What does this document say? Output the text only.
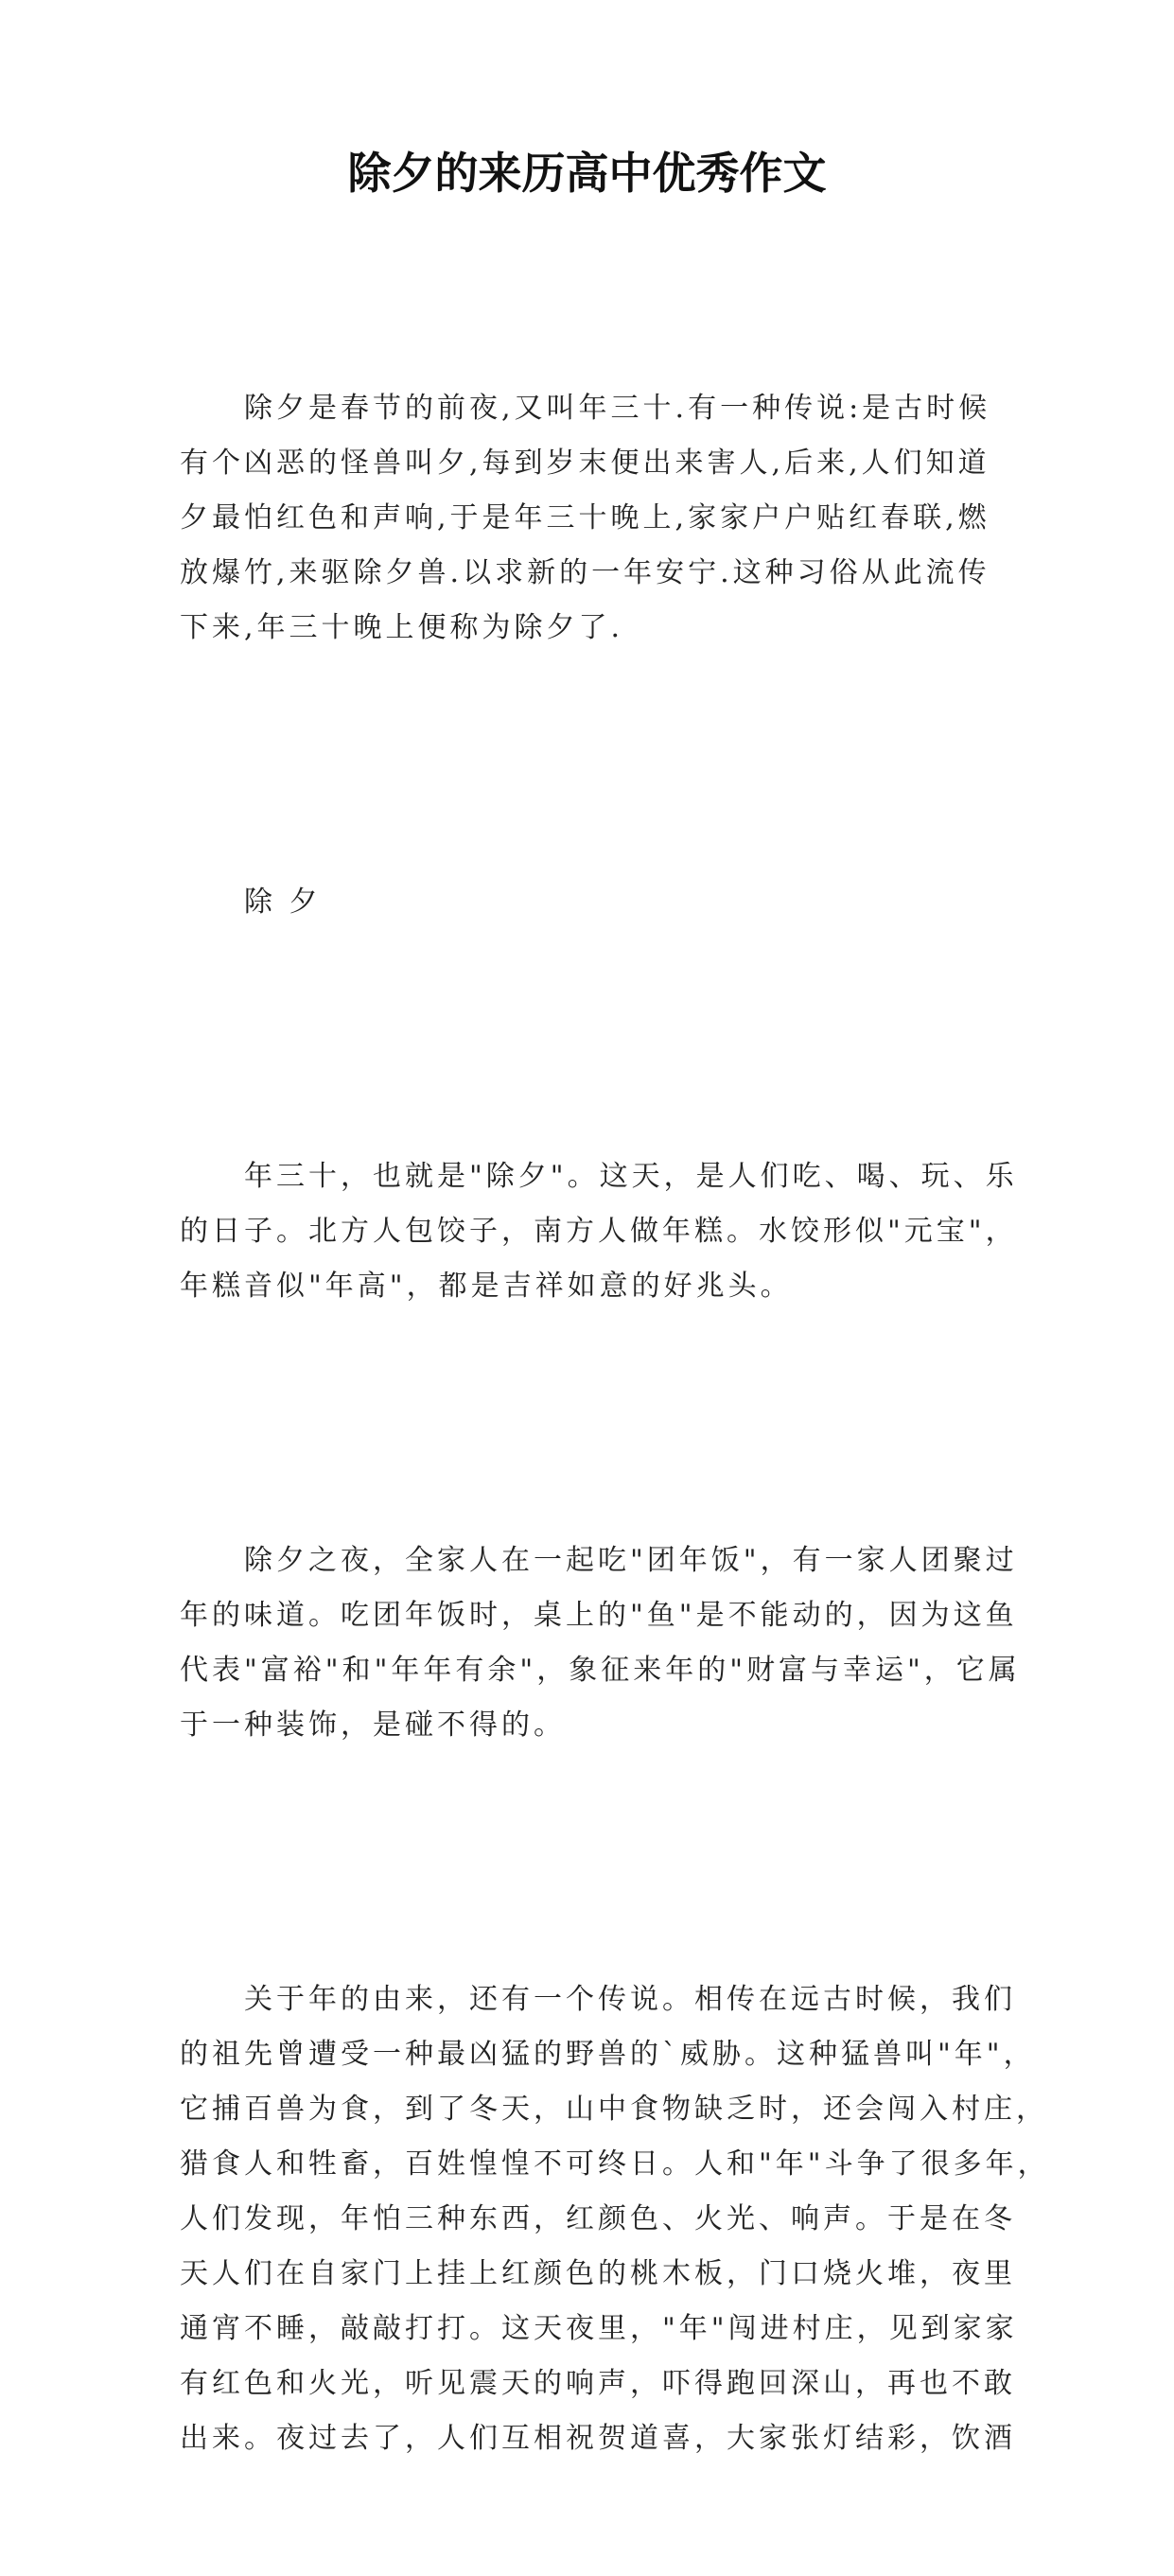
除夕的来历高中优秀作文

除夕是春节的前夜,又叫年三十.有一种传说:是古时候
有个凶恶的怪兽叫夕,每到岁末便出来害人,后来,人们知道
夕最怕红色和声响,于是年三十晚上,家家户户贴红春联,燃
放爆竹,来驱除夕兽.以求新的一年安宁.这种习俗从此流传
下来,年三十晚上便称为除夕了.

除 夕

年三十，也就是"除夕"。这天，是人们吃、喝、玩、乐
的日子。北方人包饺子，南方人做年糕。水饺形似"元宝"，
年糕音似"年高"，都是吉祥如意的好兆头。

除夕之夜，全家人在一起吃"团年饭"，有一家人团聚过
年的味道。吃团年饭时，桌上的"鱼"是不能动的，因为这鱼
代表"富裕"和"年年有余"，象征来年的"财富与幸运"，它属
于一种装饰，是碰不得的。

关于年的由来，还有一个传说。相传在远古时候，我们
的祖先曾遭受一种最凶猛的野兽的`威胁。这种猛兽叫"年"，
它捕百兽为食，到了冬天，山中食物缺乏时，还会闯入村庄，
猎食人和牲畜，百姓惶惶不可终日。人和"年"斗争了很多年，
人们发现，年怕三种东西，红颜色、火光、响声。于是在冬
天人们在自家门上挂上红颜色的桃木板，门口烧火堆，夜里
通宵不睡，敲敲打打。这天夜里，"年"闯进村庄，见到家家
有红色和火光，听见震天的响声，吓得跑回深山，再也不敢
出来。夜过去了，人们互相祝贺道喜，大家张灯结彩，饮酒
